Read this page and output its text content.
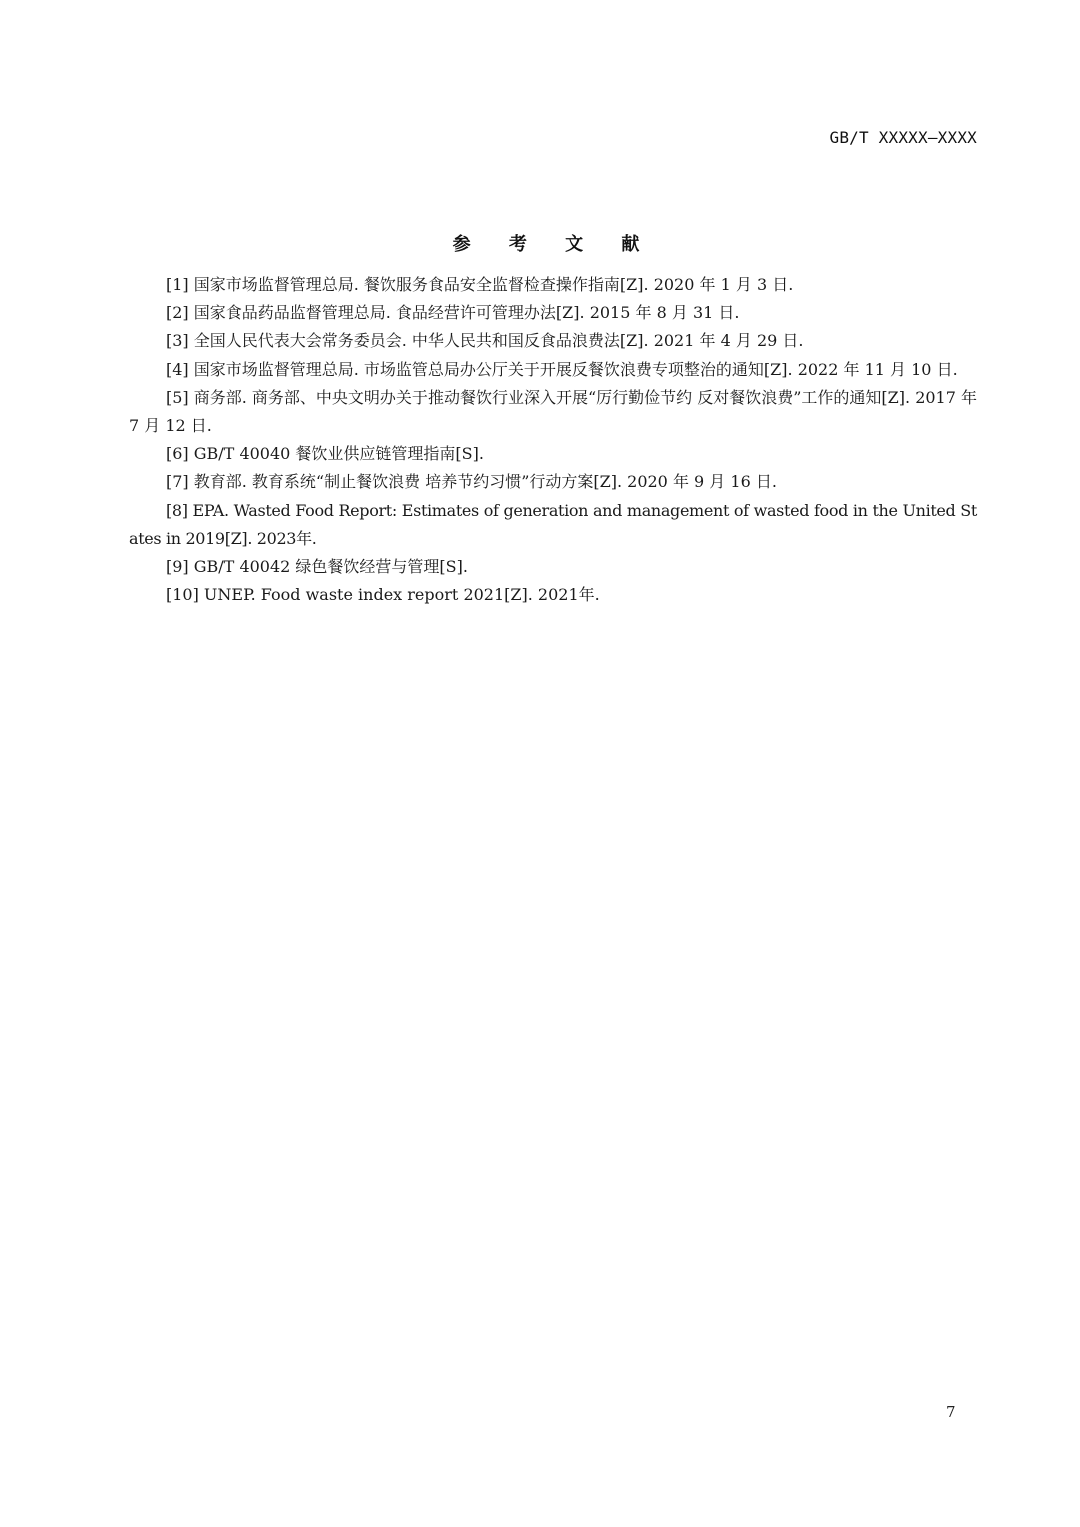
GB/T XXXXX—XXXX
参 考 文 献
[1] 国家市场监督管理总局. 餐饮服务食品安全监督检查操作指南[Z]. 2020 年 1 月 3 日.
[2] 国家食品药品监督管理总局. 食品经营许可管理办法[Z]. 2015 年 8 月 31 日.
[3] 全国人民代表大会常务委员会. 中华人民共和国反食品浪费法[Z]. 2021 年 4 月 29 日.
[4] 国家市场监督管理总局. 市场监管总局办公厅关于开展反餐饮浪费专项整治的通知[Z]. 2022 年 11 月 10 日.
[5] 商务部. 商务部、中央文明办关于推动餐饮行业深入开展“厉行勤俭节约 反对餐饮浪费”工作的通知[Z]. 2017 年 7 月 12 日.
[6] GB/T 40040 餐饮业供应链管理指南[S].
[7] 教育部. 教育系统“制止餐饮浪费 培养节约习惯”行动方案[Z]. 2020 年 9 月 16 日.
[8] EPA. Wasted Food Report: Estimates of generation and management of wasted food in the United States in 2019[Z]. 2023年.
[9] GB/T 40042 绿色餐饮经营与管理[S].
[10] UNEP. Food waste index report 2021[Z]. 2021年.
7
